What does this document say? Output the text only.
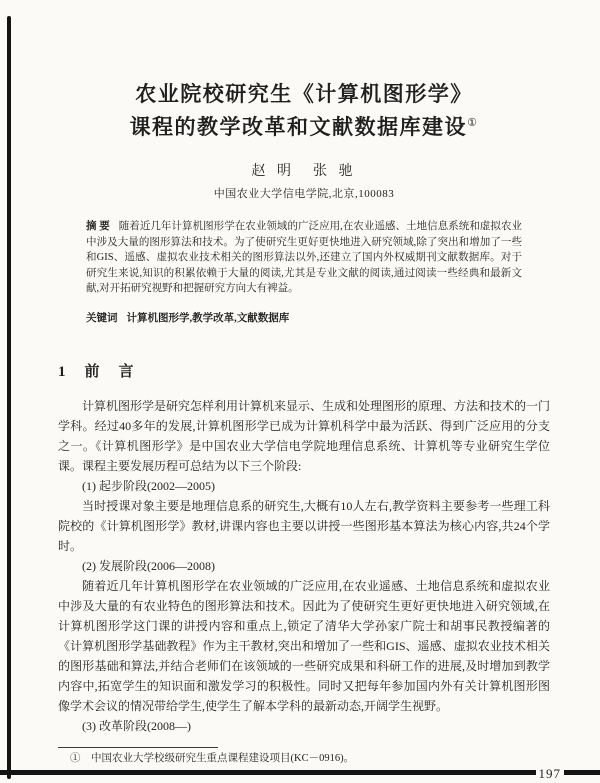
农业院校研究生《计算机图形学》
课程的教学改革和文献数据库建设①
赵 明　张 驰
中国农业大学信电学院,北京,100083

摘 要 随着近几年计算机图形学在农业领域的广泛应用,在农业遥感、土地信息系统和虚拟农业中涉及大量的图形算法和技术。为了使研究生更好更快地进入研究领域,除了突出和增加了一些和GIS、遥感、虚拟农业技术相关的图形算法以外,还建立了国内外权威期刊文献数据库。对于研究生来说,知识的积累依赖于大量的阅读,尤其是专业文献的阅读,通过阅读一些经典和最新文献,对开拓研究视野和把握研究方向大有裨益。

关键词 计算机图形学,教学改革,文献数据库

1　前　言

计算机图形学是研究怎样利用计算机来显示、生成和处理图形的原理、方法和技术的一门学科。经过40多年的发展,计算机图形学已成为计算机科学中最为活跃、得到广泛应用的分支之一。《计算机图形学》是中国农业大学信电学院地理信息系统、计算机等专业研究生学位课。课程主要发展历程可总结为以下三个阶段:

(1) 起步阶段(2002—2005)

当时授课对象主要是地理信息系的研究生,大概有10人左右,教学资料主要参考一些理工科院校的《计算机图形学》教材,讲课内容也主要以讲授一些图形基本算法为核心内容,共24个学时。

(2) 发展阶段(2006—2008)

随着近几年计算机图形学在农业领域的广泛应用,在农业遥感、土地信息系统和虚拟农业中涉及大量的有农业特色的图形算法和技术。因此为了使研究生更好更快地进入研究领域,在计算机图形学这门课的讲授内容和重点上,锁定了清华大学孙家广院士和胡事民教授编著的《计算机图形学基础教程》作为主干教材,突出和增加了一些和GIS、遥感、虚拟农业技术相关的图形基础和算法,并结合老师们在该领域的一些研究成果和科研工作的进展,及时增加到教学内容中,拓宽学生的知识面和激发学习的积极性。同时又把每年参加国内外有关计算机图形图像学术会议的情况带给学生,使学生了解本学科的最新动态,开阔学生视野。

(3) 改革阶段(2008—)

①　中国农业大学校级研究生重点课程建设项目(KC－0916)。

197
